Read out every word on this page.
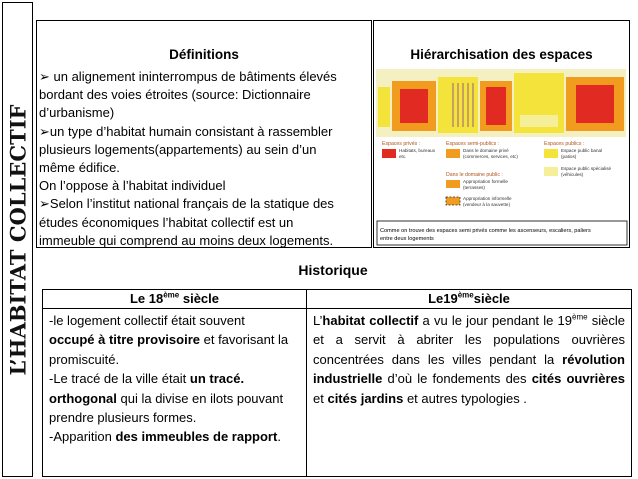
L’HABITAT COLLECTIF
Définitions

➢ un alignement ininterrompus de bâtiments élevés

bordant des voies étroites (source: Dictionnaire

d’urbanisme)

➢un type d’habitat humain consistant à rassembler

plusieurs logements(appartements) au sein d’un

même édifice.

On l’oppose à l’habitat individuel

➢Selon l’institut national français de la statique des

études économiques l’habitat collectif est un

immeuble qui comprend au moins deux logements.

Hiérarchisation des espaces
Espaces privés :	Espaces semi-publics :	Espaces publics :
Dans le domaine public :
Habitats, bureaux
etc.
Dans le domaine privé
(commerces, services, etc)
Espace public banal
(patios)
Appropriation formelle
(terrasses)
Appropriation informelle
(vendeur à la sauvette)
Espace public spécialisé
(véhicules)
Comme on trouve des espaces semi privés comme les ascenseurs, escaliers, paliers
entre deux logements
Historique
Le 18ème siècle
-le logement collectif était souvent
occupé à titre provisoire et favorisant la
promiscuité.
-Le tracé de la ville était un tracé.
orthogonal qui la divise en ilots pouvant
prendre plusieurs formes.
-Apparition des immeubles de rapport.
Le19èmesiècle
L’habitat collectif a vu le jour pendant le 19ème siècle et a servit à abriter les populations ouvrières concentrées dans les villes pendant la révolution industrielle d’où le fondements des cités ouvrières et cités jardins et autres typologies .
